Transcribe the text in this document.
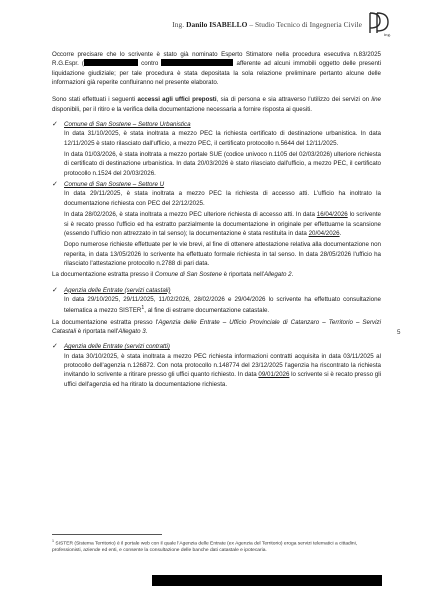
Ing. Danilo ISABELLO – Studio Tecnico di Ingegneria Civile
ing.

Occorre precisare che lo scrivente è stato già nominato Esperto Stimatore nella procedura esecutiva n.83/2025 R.G.Espr. (	contro	afferente ad alcuni immobili oggetto delle presenti liquidazione giudiziale; per tale procedura è stata depositata la sola relazione preliminare pertanto alcune delle informazioni già reperite confluiranno nel presente elaborato.

Sono stati effettuati i seguenti accessi agli uffici preposti, sia di persona e sia attraverso l'utilizzo dei servizi on line disponibili, per il ritiro e la verifica della documentazione necessaria a fornire risposta ai quesiti.

✓ Comune di San Sostene – Settore Urbanistica

In data 31/10/2025, è stata inoltrata a mezzo PEC la richiesta certificato di destinazione urbanistica. In data 12/11/2025 è stato rilasciato dall'ufficio, a mezzo PEC, il certificato protocollo n.5644 del 12/11/2025.

In data 01/03/2026, è stata inoltrata a mezzo portale SUE (codice univoco n.1105 del 02/03/2026) ulteriore richiesta di certificato di destinazione urbanistica. In data 20/03/2026 è stato rilasciato dall'ufficio, a mezzo PEC, il certificato protocollo n.1524 del 20/03/2026.

✓ Comune di San Sostene – Settore U

In data 29/11/2025, è stata inoltrata a mezzo PEC la richiesta di accesso atti. L'ufficio ha inoltrato la documentazione richiesta con PEC del 22/12/2025.

In data 28/02/2026, è stata inoltrata a mezzo PEC ulteriore richiesta di accesso atti. In data 16/04/2026 lo scrivente si è recato presso l'ufficio ed ha estratto parzialmente la documentazione in originale per effettuarne la scansione (essendo l'ufficio non attrezzato in tal senso); la documentazione è stata restituita in data 20/04/2026.

Dopo numerose richieste effettuate per le vie brevi, al fine di ottenere attestazione relativa alla documentazione non reperita, in data 13/05/2026 lo scrivente ha effettuato formale richiesta in tal senso. In data 28/05/2026 l'ufficio ha rilasciato l'attestazione protocollo n.2788 di pari data.

La documentazione estratta presso il Comune di San Sostene è riportata nell'Allegato 2.

✓ Agenzia delle Entrate (servizi catastali)

In data 29/10/2025, 29/11/2025, 11/02/2026, 28/02/2026 e 29/04/2026 lo scrivente ha effettuato consultazione telematica a mezzo SISTER$^1$, al fine di estrarre documentazione catastale.

La documentazione estratta presso l'Agenzia delle Entrate – Ufficio Provinciale di Catanzaro – Territorio – Servizi Catastali è riportata nell'Allegato 3.

✓ Agenzia delle Entrate (servizi contratti)

In data 30/10/2025, è stata inoltrata a mezzo PEC richiesta informazioni contratti acquisita in data 03/11/2025 al protocollo dell'agenzia n.126872. Con nota protocollo n.148774 del 23/12/2025 l'agenzia ha riscontrato la richiesta invitando lo scrivente a ritirare presso gli uffici quanto richiesto. In data 09/01/2026 lo scrivente si è recato presso gli uffici dell'agenzia ed ha ritirato la documentazione richiesta.

5
$^1$ SISTER (Sistema Territorio) è il portale web con il quale l'Agenzia delle Entrate (ex Agenzia del Territorio) eroga servizi telematici a cittadini, professionisti, aziende ed enti, e consente la consultazione delle banche dati catastale e ipotecaria.
